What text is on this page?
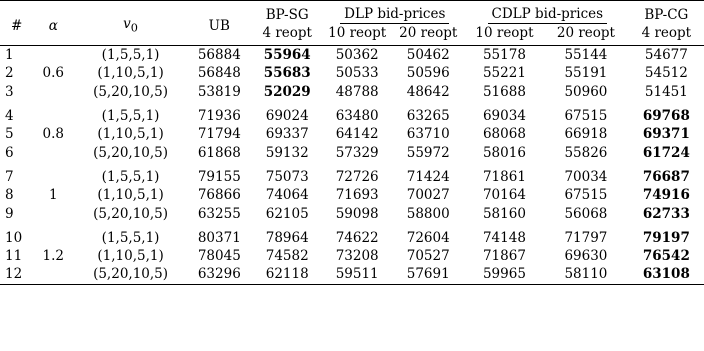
#	α	$v_0$	UB	BP-SG	DLP bid-prices		CDLP bid-prices		BP-CG
				4 reopt	10 reopt	20 reopt	10 reopt	20 reopt	4 reopt

1	0.6	(1,5,5,1)	56884	55964	50362	50462	55178	55144	54677
2		(1,10,5,1)	56848	55683	50533	50596	55221	55191	54512
3		(5,20,10,5)	53819	52029	48788	48642	51688	50960	51451

4	0.8	(1,5,5,1)	71936	69024	63480	63265	69034	67515	69768
5		(1,10,5,1)	71794	69337	64142	63710	68068	66918	69371
6		(5,20,10,5)	61868	59132	57329	55972	58016	55826	61724

7	1	(1,5,5,1)	79155	75073	72726	71424	71861	70034	76687
8		(1,10,5,1)	76866	74064	71693	70027	70164	67515	74916
9		(5,20,10,5)	63255	62105	59098	58800	58160	56068	62733

10	1.2	(1,5,5,1)	80371	78964	74622	72604	74148	71797	79197
11		(1,10,5,1)	78045	74582	73208	70527	71867	69630	76542
12		(5,20,10,5)	63296	62118	59511	57691	59965	58110	63108
